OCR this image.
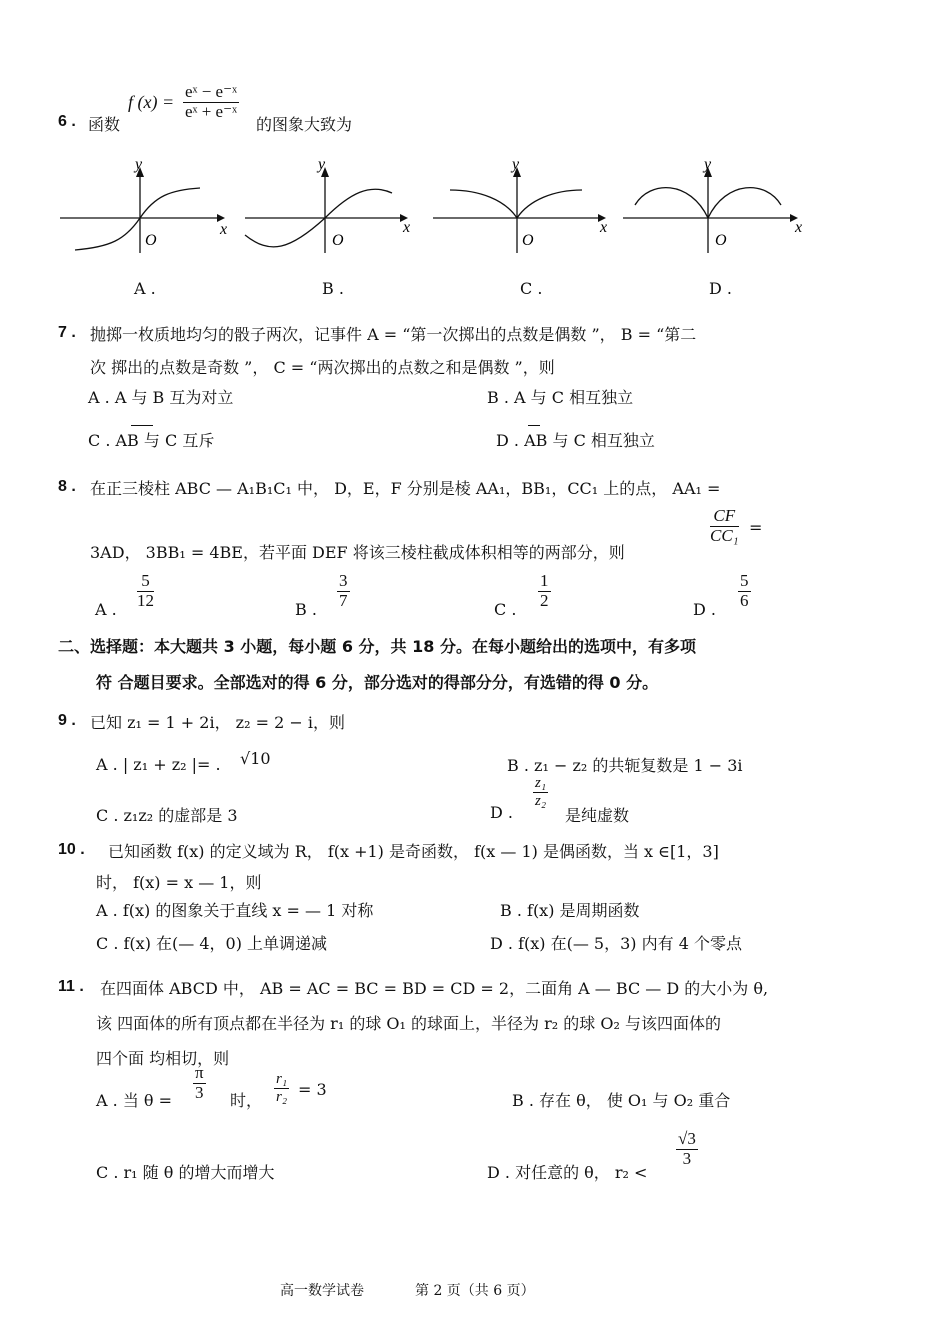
6 . 函数
f $(x) = \frac{\text{eˣ − e⁻ˣ}}{\text{eˣ + e⁻ˣ}}$
的图象大致为
y
x
O
y
x
O
y
x
O
y
x
O
A .	B .	C .	D .
7 . 抛掷一枚质地均匀的骰子两次，记事件 A = “第一次掷出的点数是偶数 ”， B = “第二
次 掷出的点数是奇数 ”， C = “两次掷出的点数之和是偶数 ”，则
A . A 与 B 互为对立	B . A 与 C 相互独立
C . AB 与 C 互斥	D . AB 与 C 相互独立
8 . 在正三棱柱 ABC — A₁B₁C₁ 中， D，E，F 分别是棱 AA₁，BB₁，CC₁ 上的点， AA₁ =
3AD， 3BB₁ = 4BE，若平面 DEF 将该三棱柱截成体积相等的两部分，则
$\frac{CF}{\text{CC₁}}$ =
A . $\frac{5}{12}$	B . $\frac{3}{7}$	C . $\frac{1}{2}$	D . $\frac{5}{6}$
二、选择题：本大题共 3 小题，每小题 6 分，共 18 分。在每小题给出的选项中，有多项
符 合题目要求。全部选对的得 6 分，部分选对的得部分分，有选错的得 0 分。
9 . 已知 z₁ = 1 + 2i， z₂ = 2 − i，则
A . | z₁ + z₂ |= . √10	B . z₁ − z₂ 的共轭复数是 1 − 3i
C . z₁z₂ 的虚部是 3	D .
$\frac{\text{z₁}}{\text{z₂}}$
是纯虚数
10 . 已知函数 f(x) 的定义域为 R， f(x +1) 是奇函数， f(x — 1) 是偶函数，当 x ∈[1，3]
时， f(x) = x — 1，则
A . f(x) 的图象关于直线 x = — 1 对称	B . f(x) 是周期函数
C . f(x) 在(— 4，0) 上单调递减	D . f(x) 在(— 5，3) 内有 4 个零点
11 . 在四面体 ABCD 中， AB = AC = BC = BD = CD = 2，二面角 A — BC — D 的大小为 θ,
该 四面体的所有顶点都在半径为 r₁ 的球 O₁ 的球面上，半径为 r₂ 的球 O₂ 与该四面体的
四个面 均相切，则
A . 当 $\theta = \frac{\pi}{3}$ 时， $\frac{\text{r₁}}{\text{r₂}} = 3$
B . 存在 θ， 使 O₁ 与 O₂ 重合
C . r₁ 随 θ 的增大而增大	D . 对任意的 θ， r₂ <
$\frac{√3}{3}$
高一数学试卷	第 2 页（共 6 页）
